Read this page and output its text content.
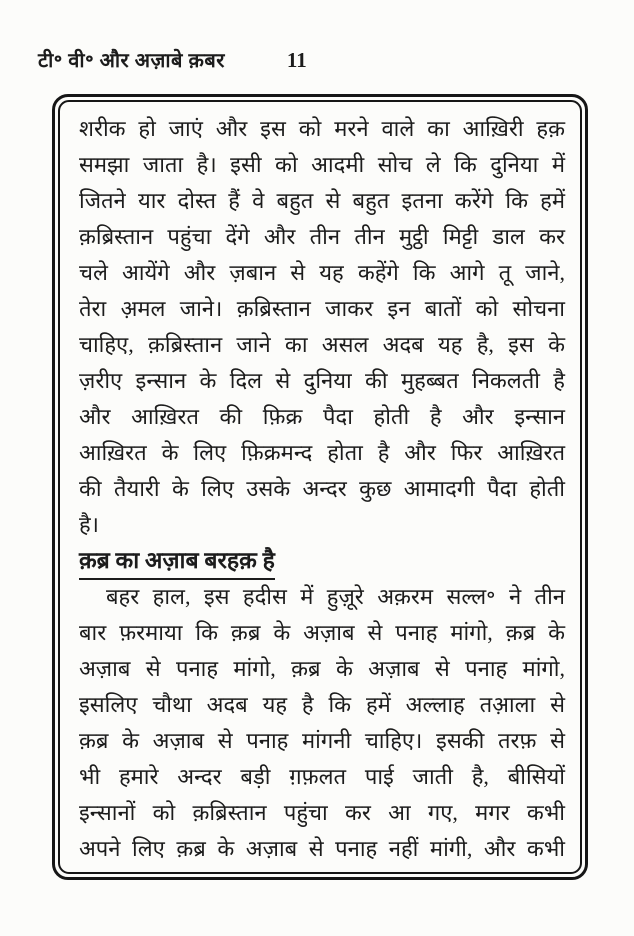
टी॰ वी॰ और अज़ाबे क़बर	11
शरीक हो जाएं और इस को मरने वाले का आख़िरी हक़
समझा जाता है। इसी को आदमी सोच ले कि दुनिया में
जितने यार दोस्त हैं वे बहुत से बहुत इतना करेंगे कि हमें
क़ब्रिस्तान पहुंचा देंगे और तीन तीन मुट्ठी मिट्टी डाल कर
चले आयेंगे और ज़बान से यह कहेंगे कि आगे तू जाने,
तेरा अ़मल जाने। क़ब्रिस्तान जाकर इन बातों को सोचना
चाहिए, क़ब्रिस्तान जाने का असल अदब यह है, इस के
ज़रीए इन्सान के दिल से दुनिया की मुहब्बत निकलती है
और आख़िरत की फ़िक्र पैदा होती है और इन्सान
आख़िरत के लिए फ़िक्रमन्द होता है और फिर आख़िरत
की तैयारी के लिए उसके अन्दर कुछ आमादगी पैदा होती
है।
क़ब्र का अज़ाब बरहक़ है
बहर हाल, इस हदीस में हुज़ूरे अक़रम सल्ल॰ ने तीन
बार फ़रमाया कि क़ब्र के अज़ाब से पनाह मांगो, क़ब्र के
अज़ाब से पनाह मांगो, क़ब्र के अज़ाब से पनाह मांगो,
इसलिए चौथा अदब यह है कि हमें अल्लाह तआ़ला से
क़ब्र के अज़ाब से पनाह मांगनी चाहिए। इसकी तरफ़ से
भी हमारे अन्दर बड़ी ग़फ़लत पाई जाती है, बीसियों
इन्सानों को क़ब्रिस्तान पहुंचा कर आ गए, मगर कभी
अपने लिए क़ब्र के अज़ाब से पनाह नहीं मांगी, और कभी
